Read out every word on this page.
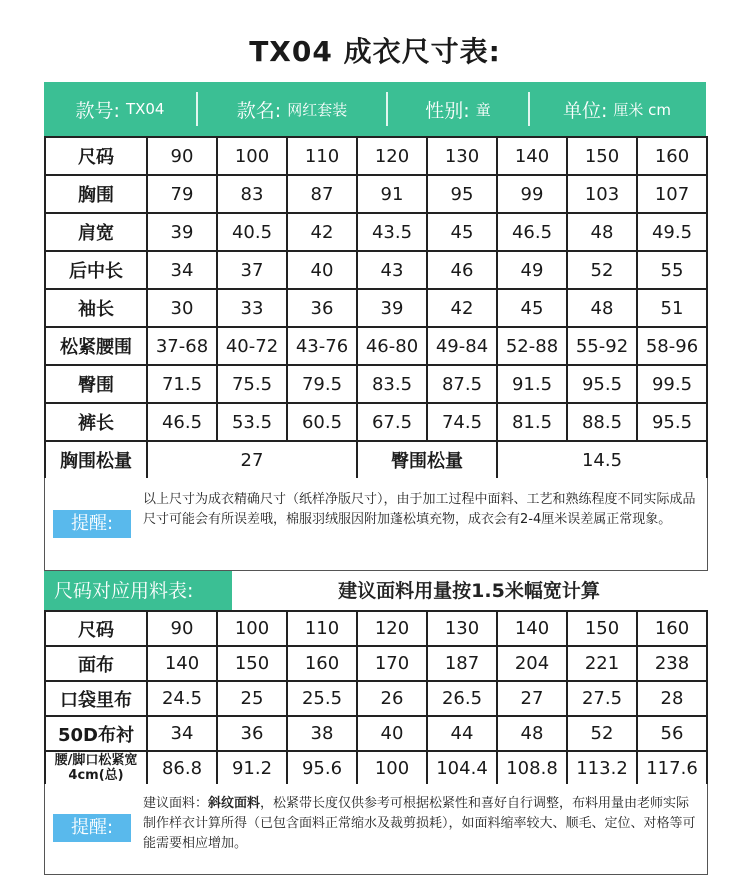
TX04 成衣尺寸表:
款号: TX04	款名: 网红套装	性别: 童	单位: 厘米 cm
尺码	90	100	110	120	130	140	150	160
胸围	79	83	87	91	95	99	103	107
肩宽	39	40.5	42	43.5	45	46.5	48	49.5
后中长	34	37	40	43	46	49	52	55
袖长	30	33	36	39	42	45	48	51
松紧腰围	37-68	40-72	43-76	46-80	49-84	52-88	55-92	58-96
臀围	71.5	75.5	79.5	83.5	87.5	91.5	95.5	99.5
裤长	46.5	53.5	60.5	67.5	74.5	81.5	88.5	95.5
胸围松量	27			臀围松量		14.5		
提醒:
以上尺寸为成衣精确尺寸（纸样净版尺寸），由于加工过程中面料、工艺和熟练程度不同实际成品尺寸可能会有所误差哦，棉服羽绒服因附加蓬松填充物，成衣会有2-4厘米误差属正常现象。
尺码对应用料表:	建议面料用量按1.5米幅宽计算
尺码	90	100	110	120	130	140	150	160
面布	140	150	160	170	187	204	221	238
口袋里布	24.5	25	25.5	26	26.5	27	27.5	28
50D布衬	34	36	38	40	44	48	52	56
腰/脚口松紧宽4cm(总)	86.8	91.2	95.6	100	104.4	108.8	113.2	117.6
提醒:
建议面料：斜纹面料，松紧带长度仅供参考可根据松紧性和喜好自行调整，布料用量由老师实际制作样衣计算所得（已包含面料正常缩水及裁剪损耗），如面料缩率较大、顺毛、定位、对格等可能需要相应增加。
